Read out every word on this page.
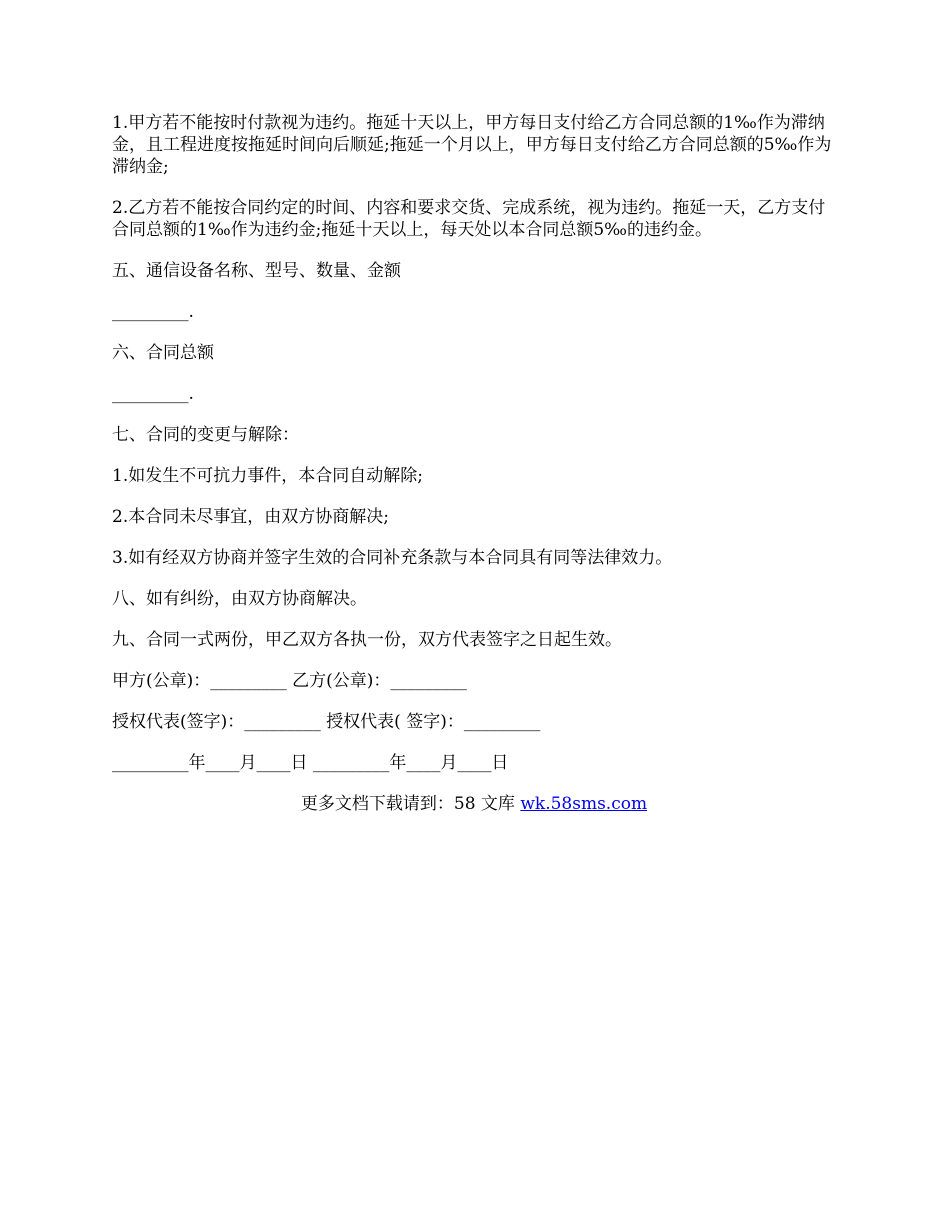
1.甲方若不能按时付款视为违约。拖延十天以上，甲方每日支付给乙方合同总额的1‰作为滞纳金，且工程进度按拖延时间向后顺延;拖延一个月以上，甲方每日支付给乙方合同总额的5‰作为滞纳金;

2.乙方若不能按合同约定的时间、内容和要求交货、完成系统，视为违约。拖延一天，乙方支付合同总额的1‰作为违约金;拖延十天以上，每天处以本合同总额5‰的违约金。

五、通信设备名称、型号、数量、金额

_________.

六、合同总额

_________.

七、合同的变更与解除：

1.如发生不可抗力事件，本合同自动解除;

2.本合同未尽事宜，由双方协商解决;

3.如有经双方协商并签字生效的合同补充条款与本合同具有同等法律效力。

八、如有纠纷，由双方协商解决。

九、合同一式两份，甲乙双方各执一份，双方代表签字之日起生效。

甲方(公章)：_________ 乙方(公章)：_________

授权代表(签字)：_________ 授权代表( 签字)：_________

_________年____月____日 _________年____月____日

更多文档下载请到：58 文库 wk.58sms.com
